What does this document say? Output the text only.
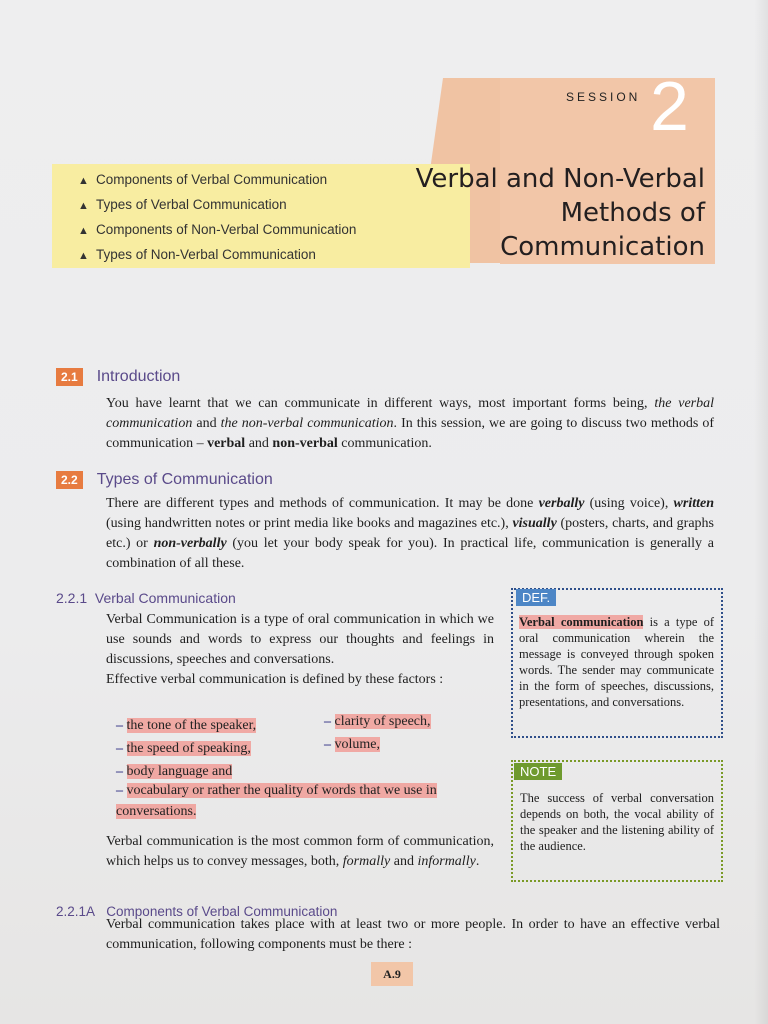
SESSION 2
▲ Components of Verbal Communication
▲ Types of Verbal Communication
▲ Components of Non-Verbal Communication
▲ Types of Non-Verbal Communication
Verbal and Non-Verbal
Methods of
Communication
2.1 Introduction
You have learnt that we can communicate in different ways, most important forms being, the verbal communication and the non-verbal communication. In this session, we are going to discuss two methods of communication – verbal and non-verbal communication.
2.2 Types of Communication
There are different types and methods of communication. It may be done verbally (using voice), written (using handwritten notes or print media like books and magazines etc.), visually (posters, charts, and graphs etc.) or non-verbally (you let your body speak for you). In practical life, communication is generally a combination of all these.
2.2.1 Verbal Communication
Verbal Communication is a type of oral communication in which we use sounds and words to express our thoughts and feelings in discussions, speeches and conversations.
Effective verbal communication is defined by these factors :
– the tone of the speaker,
– the speed of speaking,
– body language and
– clarity of speech,
– volume,
– vocabulary or rather the quality of words that we use in conversations.
Verbal communication is the most common form of communication, which helps us to convey messages, both, formally and informally.
DEF.
Verbal communication is a type of oral communication wherein the message is conveyed through spoken words. The sender may communicate in the form of speeches, discussions, presentations, and conversations.
NOTE
The success of verbal conversation depends on both, the vocal ability of the speaker and the listening ability of the audience.
2.2.1A Components of Verbal Communication
Verbal communication takes place with at least two or more people. In order to have an effective verbal communication, following components must be there :
A.9
